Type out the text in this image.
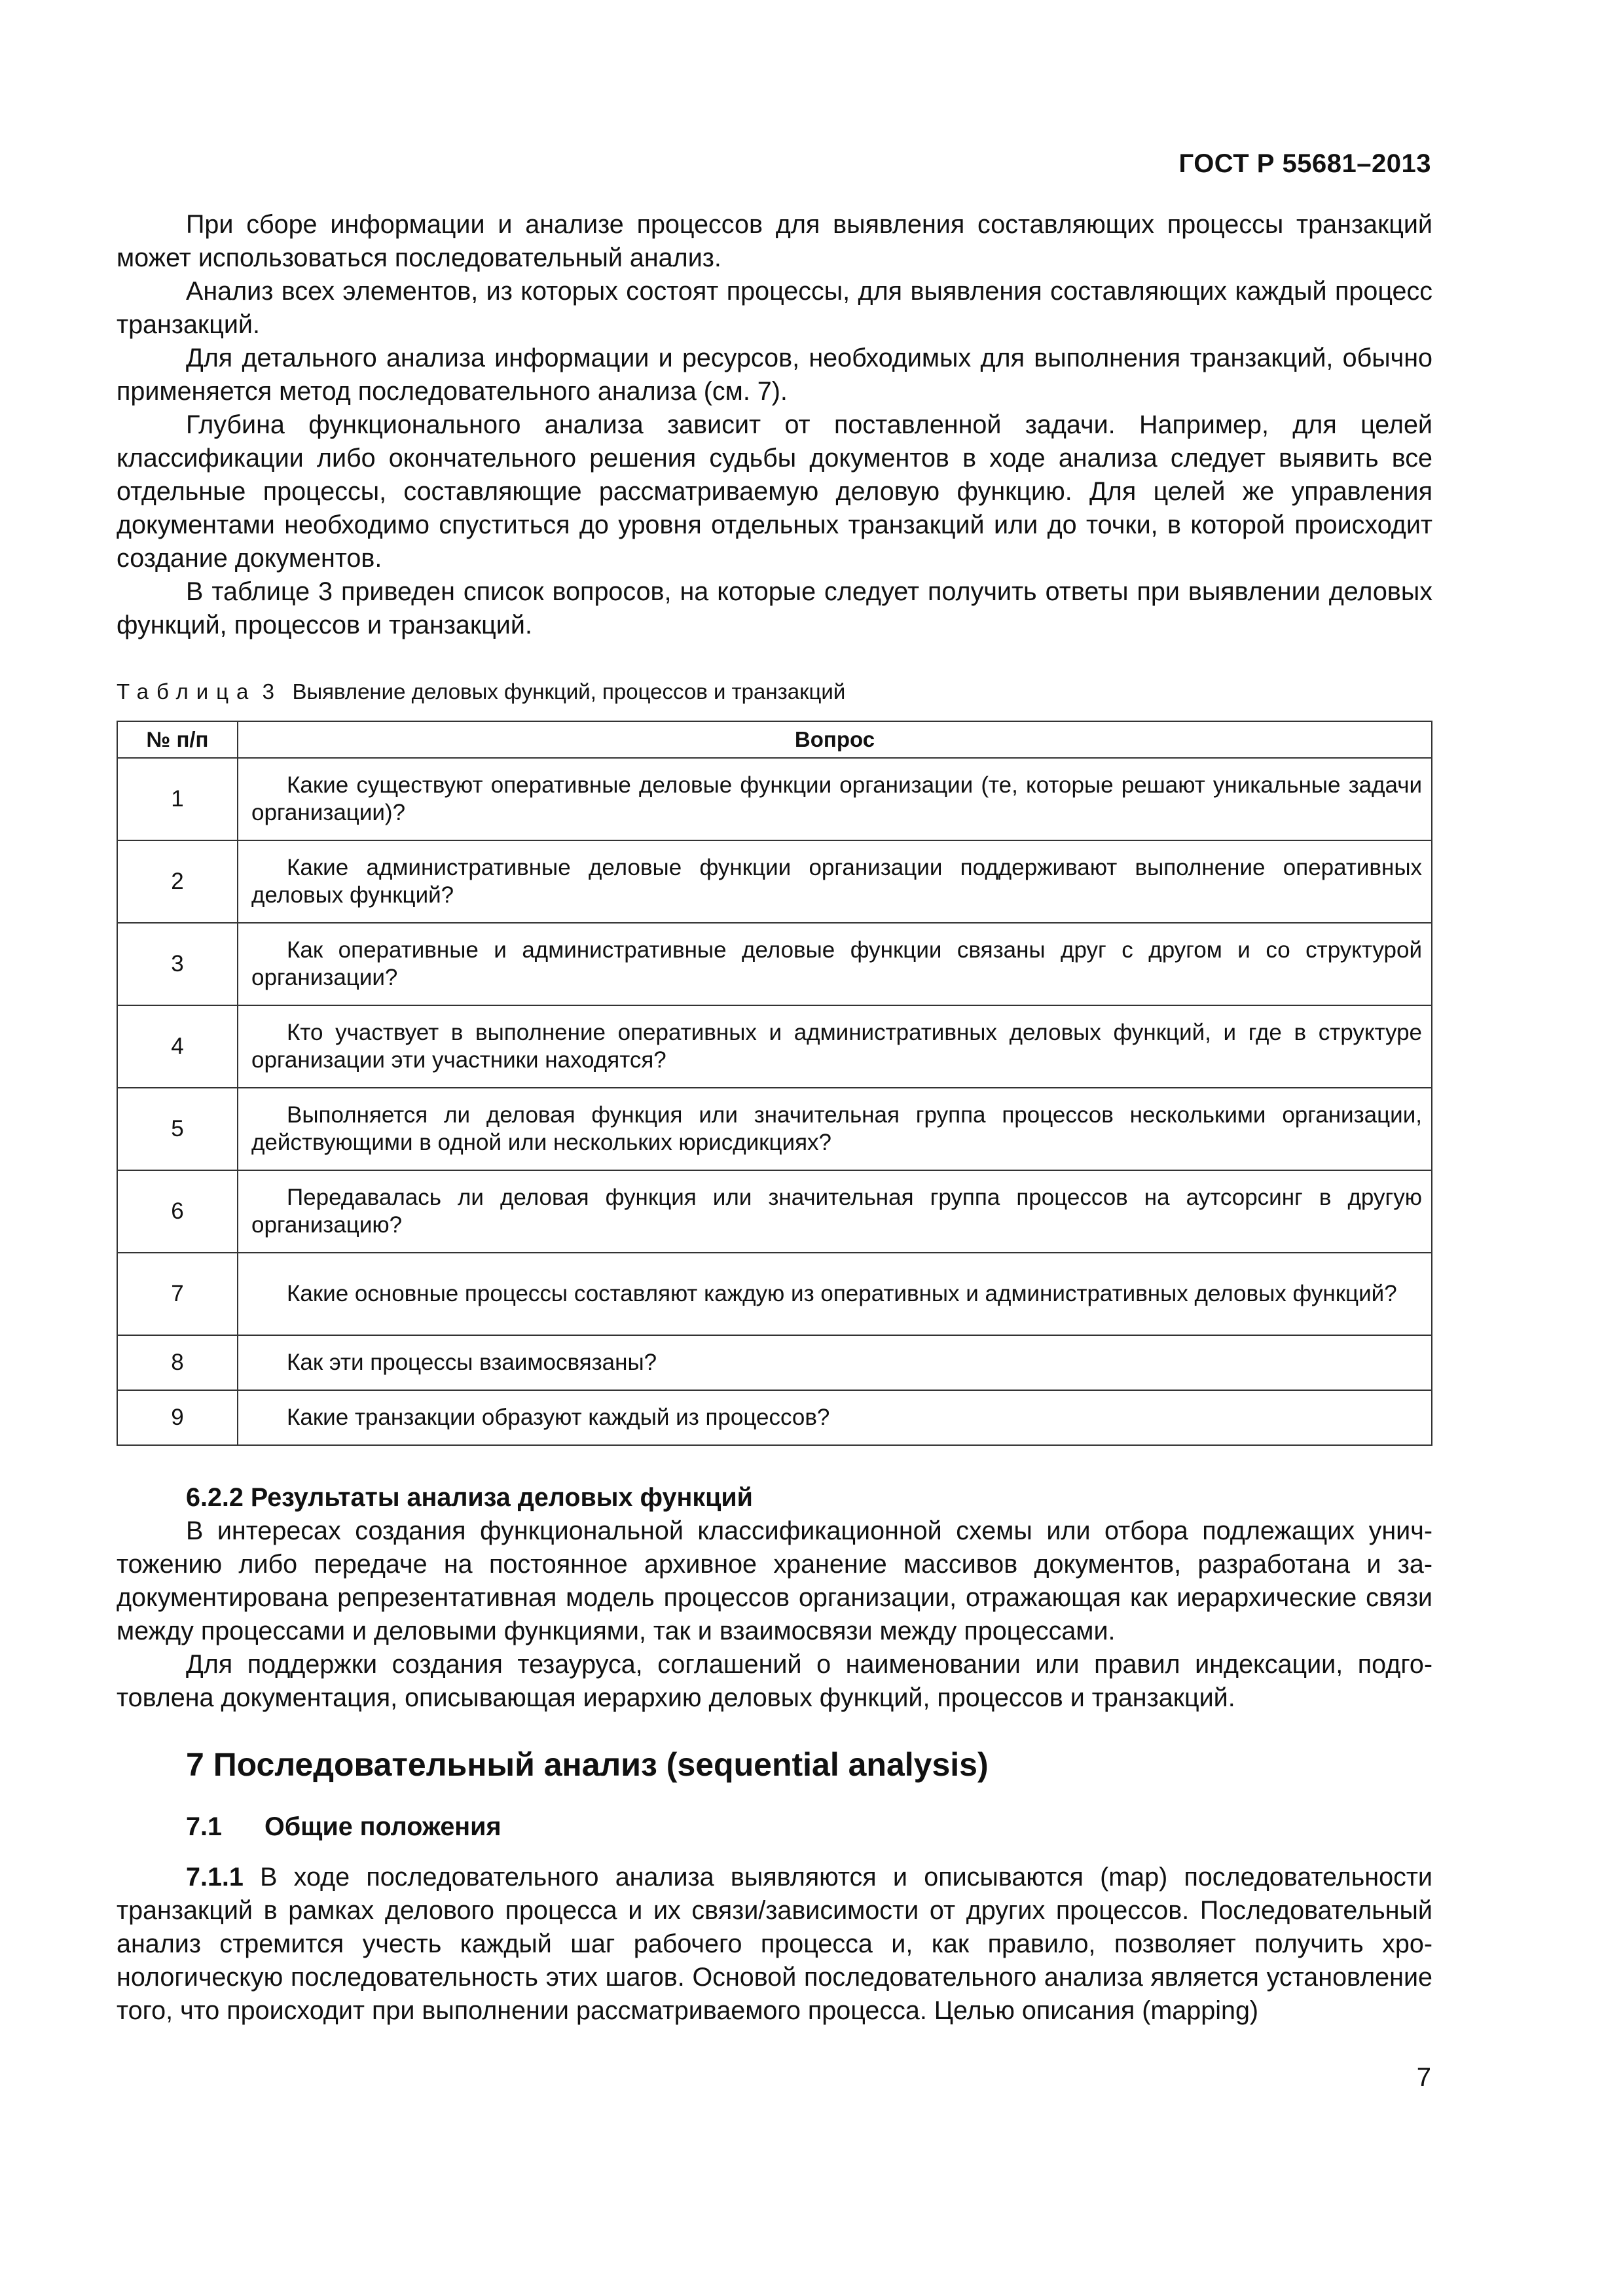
ГОСТ Р 55681–2013

При сборе информации и анализе процессов для выявления составляющих процессы транзакций может использоваться последовательный анализ.

Анализ всех элементов, из которых состоят процессы, для выявления составляющих каждый процесс транзакций.

Для детального анализа информации и ресурсов, необходимых для выполнения транзакций, обычно применяется метод последовательного анализа (см. 7).

Глубина функционального анализа зависит от поставленной задачи. Например, для целей классификации либо окончательного решения судьбы документов в ходе анализа следует выявить все отдельные процессы, составляющие рассматриваемую деловую функцию. Для целей же управления документами необходимо спуститься до уровня отдельных транзакций или до точки, в которой происходит создание документов.

В таблице 3 приведен список вопросов, на которые следует получить ответы при выявлении деловых функций, процессов и транзакций.

Таблица 3 Выявление деловых функций, процессов и транзакций
№ п/п	Вопрос
1	Какие существуют оперативные деловые функции организации (те, которые решают уникальные задачи организации)?
2	Какие административные деловые функции организации поддерживают выполнение оперативных деловых функций?
3	Как оперативные и административные деловые функции связаны друг с другом и со структурой организации?
4	Кто участвует в выполнение оперативных и административных деловых функций, и где в структуре организации эти участники находятся?
5	Выполняется ли деловая функция или значительная группа процессов несколькими организации, действующими в одной или нескольких юрисдикциях?
6	Передавалась ли деловая функция или значительная группа процессов на аутсорсинг в другую организацию?
7	Какие основные процессы составляют каждую из оперативных и административных деловых функций?
8	Как эти процессы взаимосвязаны?
9	Какие транзакции образуют каждый из процессов?
6.2.2 Результаты анализа деловых функций

В интересах создания функциональной классификационной схемы или отбора подлежащих уничтожению либо передаче на постоянное архивное хранение массивов документов, разработана и задокументирована репрезентативная модель процессов организации, отражающая как иерархические связи между процессами и деловыми функциями, так и взаимосвязи между процессами.

Для поддержки создания тезауруса, соглашений о наименовании или правил индексации, подготовлена документация, описывающая иерархию деловых функций, процессов и транзакций.

7 Последовательный анализ (sequential analysis)
7.1 Общие положения

7.1.1 В ходе последовательного анализа выявляются и описываются (map) последовательности транзакций в рамках делового процесса и их связи/зависимости от других процессов. Последовательный анализ стремится учесть каждый шаг рабочего процесса и, как правило, позволяет получить хронологическую последовательность этих шагов. Основой последовательного анализа является установление того, что происходит при выполнении рассматриваемого процесса. Целью описания (mapping)

7
